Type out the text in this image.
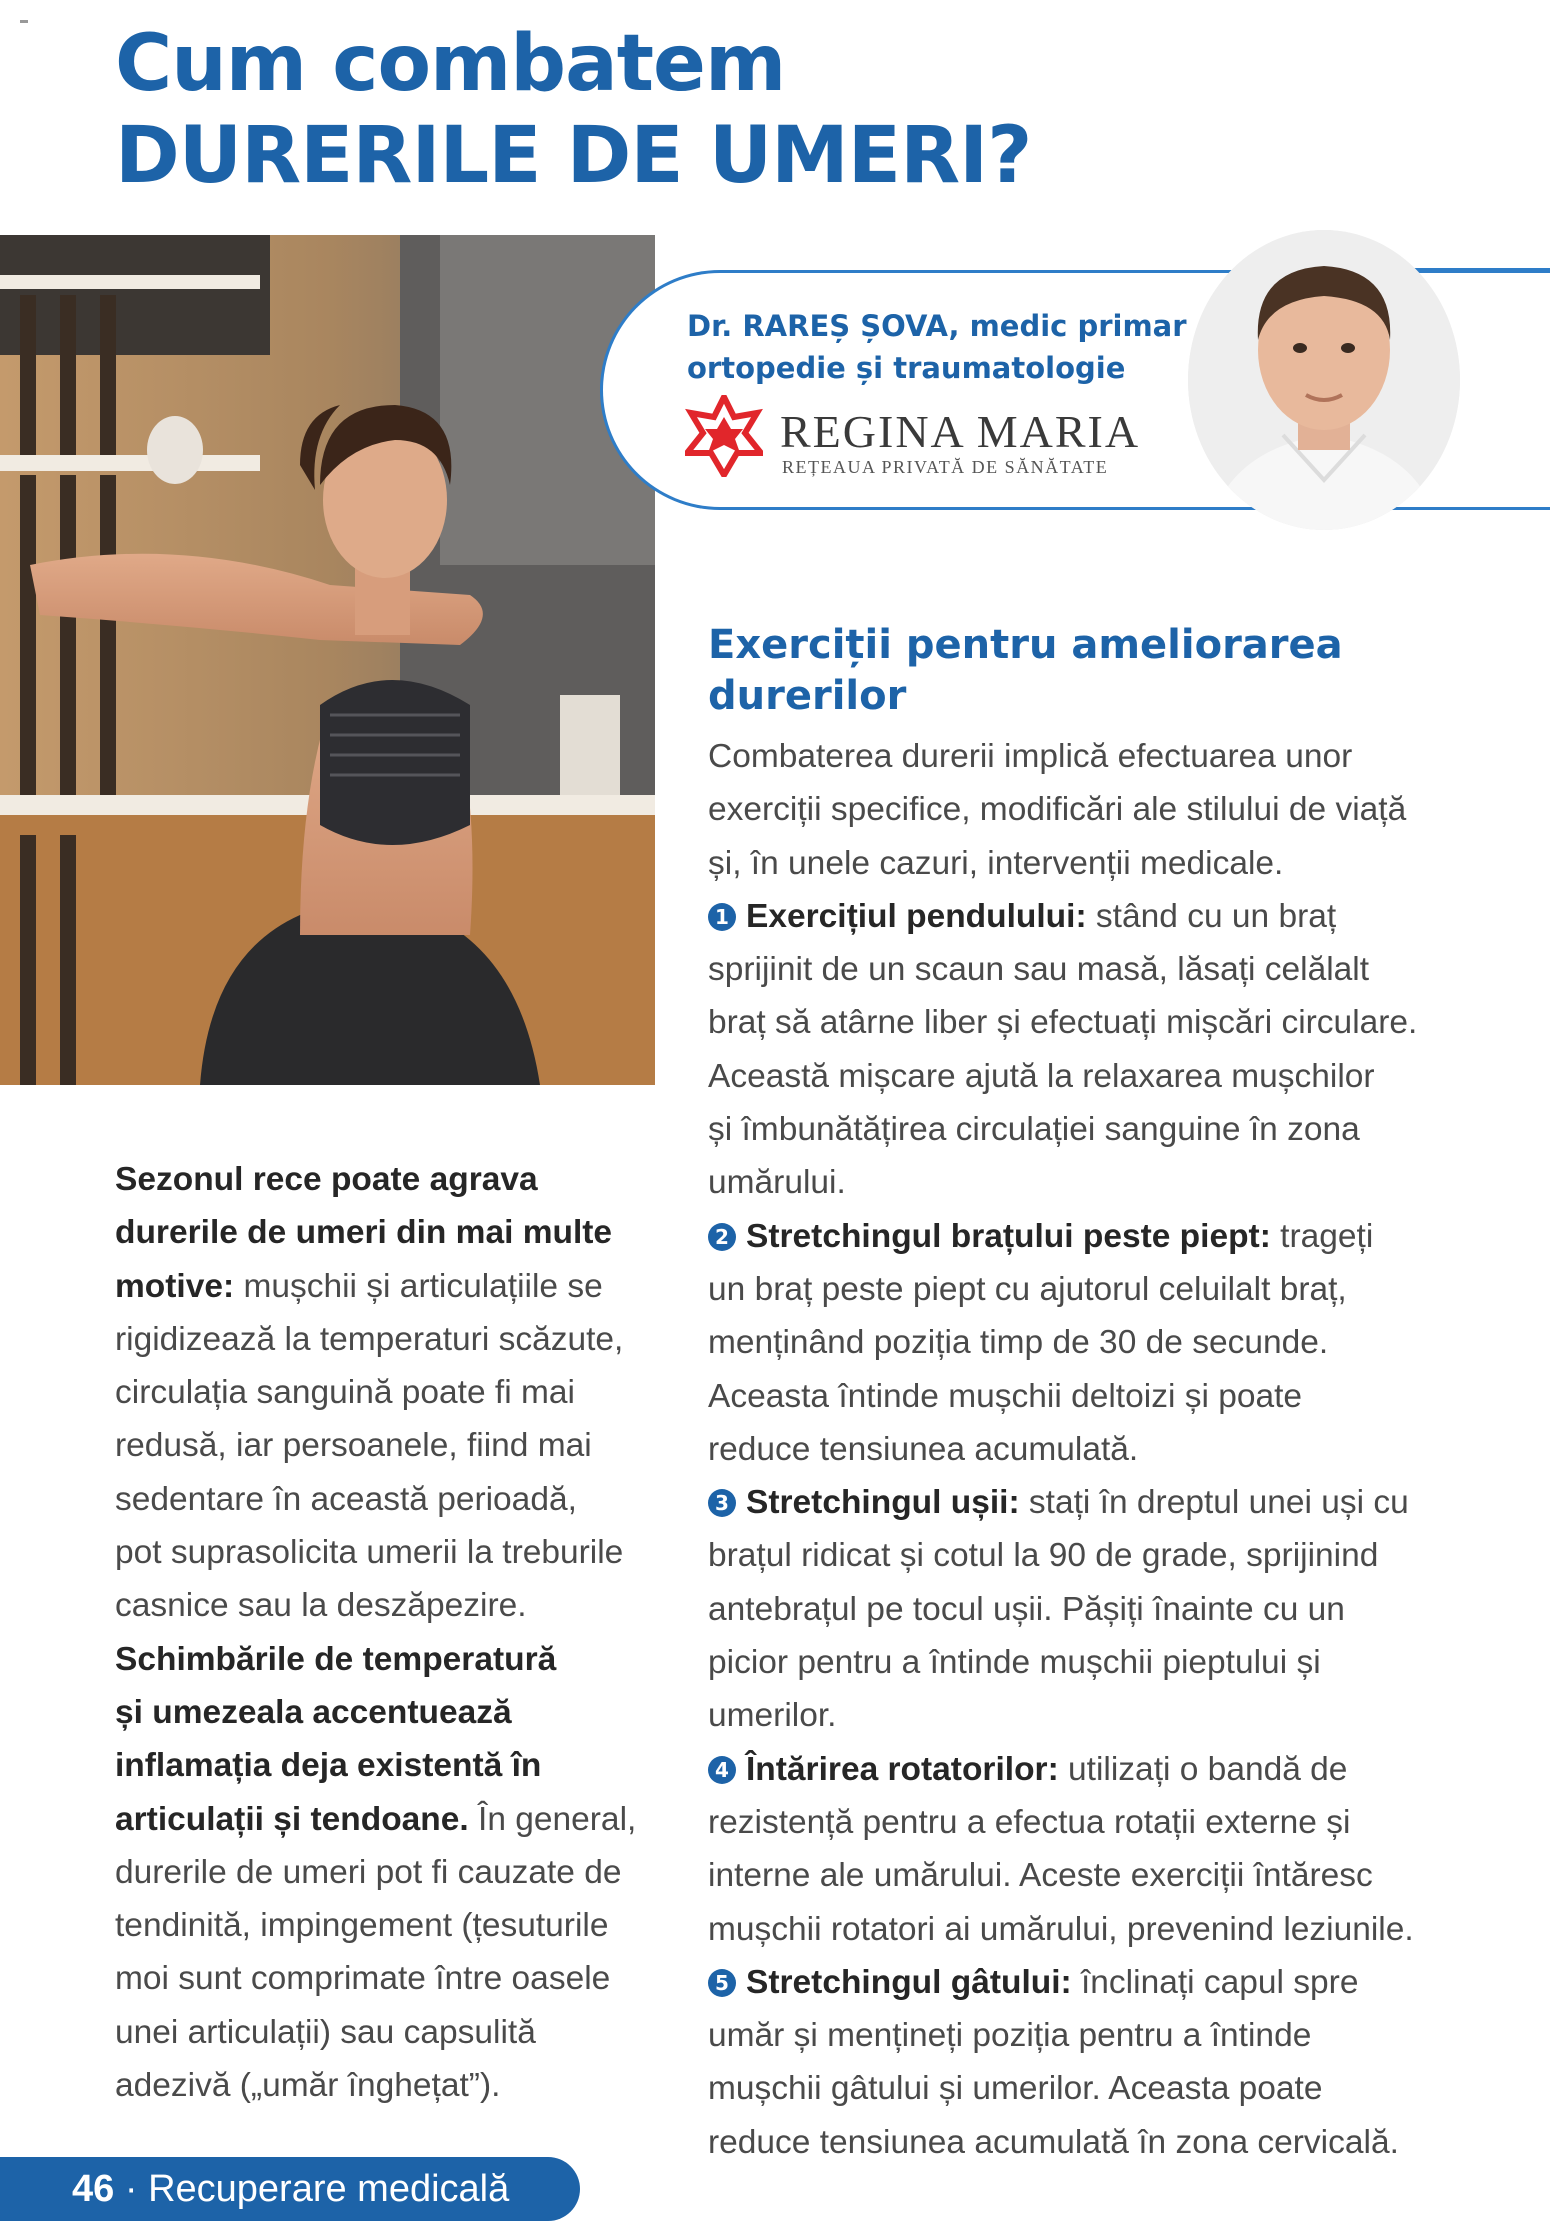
Cum combatem
DURERILE DE UMERI?
Dr. RAREȘ ȘOVA, medic primar
ortopedie și traumatologie
REGINA MARIA
REȚEAUA PRIVATĂ DE SĂNĂTATE
Exerciții pentru ameliorarea
durerilor

Combaterea durerii implică efectuarea unor
exerciții specifice, modificări ale stilului de viață
și, în unele cazuri, intervenții medicale.

1 Exercițiul pendulului: stând cu un braț
sprijinit de un scaun sau masă, lăsați celălalt
braț să atârne liber și efectuați mișcări circulare.
Această mișcare ajută la relaxarea mușchilor
și îmbunătățirea circulației sanguine în zona
umărului.

2 Stretchingul brațului peste piept: trageți
un braț peste piept cu ajutorul celuilalt braț,
menținând poziția timp de 30 de secunde.
Aceasta întinde mușchii deltoizi și poate
reduce tensiunea acumulată.

3 Stretchingul ușii: stați în dreptul unei uși cu
brațul ridicat și cotul la 90 de grade, sprijinind
antebrațul pe tocul ușii. Pășiți înainte cu un
picior pentru a întinde mușchii pieptului și
umerilor.

4 Întărirea rotatorilor: utilizați o bandă de
rezistență pentru a efectua rotații externe și
interne ale umărului. Aceste exerciții întăresc
mușchii rotatori ai umărului, prevenind leziunile.

5 Stretchingul gâtului: înclinați capul spre
umăr și mențineți poziția pentru a întinde
mușchii gâtului și umerilor. Aceasta poate
reduce tensiunea acumulată în zona cervicală.

Sezonul rece poate agrava
durerile de umeri din mai multe
motive: mușchii și articulațiile se
rigidizează la temperaturi scăzute,
circulația sanguină poate fi mai
redusă, iar persoanele, fiind mai
sedentare în această perioadă,
pot suprasolicita umerii la treburile
casnice sau la deszăpezire.
Schimbările de temperatură
și umezeala accentuează
inflamația deja existentă în
articulații și tendoane. În general,
durerile de umeri pot fi cauzate de
tendinită, impingement (țesuturile
moi sunt comprimate între oasele
unei articulații) sau capsulită
adezivă („umăr înghețat”).

46 · Recuperare medicală
